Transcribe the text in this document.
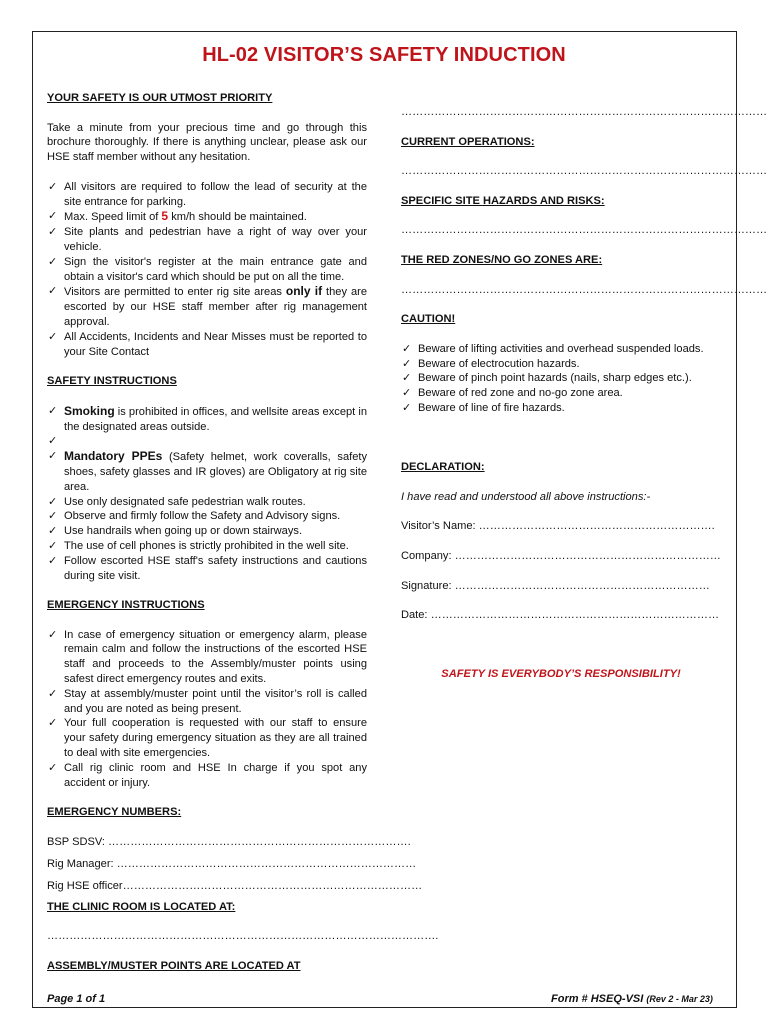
HL-02 VISITOR’S SAFETY INDUCTION

YOUR SAFETY IS OUR UTMOST PRIORITY

Take a minute from your precious time and go through this brochure thoroughly. If there is anything unclear, please ask our HSE staff member without any hesitation.

✓ All visitors are required to follow the lead of security at the site entrance for parking.
✓ Max. Speed limit of 5 km/h should be maintained.
✓ Site plants and pedestrian have a right of way over your vehicle.
✓ Sign the visitor's register at the main entrance gate and obtain a visitor's card which should be put on all the time.
✓ Visitors are permitted to enter rig site areas only if they are escorted by our HSE staff member after rig management approval.
✓ All Accidents, Incidents and Near Misses must be reported to your Site Contact

SAFETY INSTRUCTIONS

✓ Smoking is prohibited in offices, and wellsite areas except in the designated areas outside.
✓

✓ Mandatory PPEs (Safety helmet, work coveralls, safety shoes, safety glasses and IR gloves) are Obligatory at rig site area.
✓ Use only designated safe pedestrian walk routes.
✓ Observe and firmly follow the Safety and Advisory signs.
✓ Use handrails when going up or down stairways.
✓ The use of cell phones is strictly prohibited in the well site.
✓ Follow escorted HSE staff's safety instructions and cautions during site visit.

EMERGENCY INSTRUCTIONS

✓ In case of emergency situation or emergency alarm, please remain calm and follow the instructions of the escorted HSE staff and proceeds to the Assembly/muster points using safest direct emergency routes and exits.
✓ Stay at assembly/muster point until the visitor’s roll is called and you are noted as being present.
✓ Your full cooperation is requested with our staff to ensure your safety during emergency situation as they are all trained to deal with site emergencies.
✓ Call rig clinic room and HSE In charge if you spot any accident or injury.

EMERGENCY NUMBERS:

BSP SDSV: ……………………………………………………………………….

Rig Manager: ………………………………………………………………………

Rig HSE officer………………………………………………………………………

THE CLINIC ROOM IS LOCATED AT:

…………………………………………………………………………………………….

ASSEMBLY/MUSTER POINTS ARE LOCATED AT

………………………………………………………………………………………

CURRENT OPERATIONS:

………………………………………………………………………………………

SPECIFIC SITE HAZARDS AND RISKS:

………………………………………………………………………………………

THE RED ZONES/NO GO ZONES ARE:

………………………………………………………………………………………

CAUTION!

✓ Beware of lifting activities and overhead suspended loads.
✓ Beware of electrocution hazards.
✓ Beware of pinch point hazards (nails, sharp edges etc.).
✓ Beware of red zone and no-go zone area.
✓ Beware of line of fire hazards.

DECLARATION:

I have read and understood all above instructions:-

Visitor’s Name: ……………………………………………………….

Company: ………………………………………………………………

Signature: ……………………………………………………………

Date: ……………………………………………………………………

SAFETY IS EVERYBODY’S RESPONSIBILITY!

Page 1 of 1	Form # HSEQ-VSI (Rev 2 - Mar 23)
